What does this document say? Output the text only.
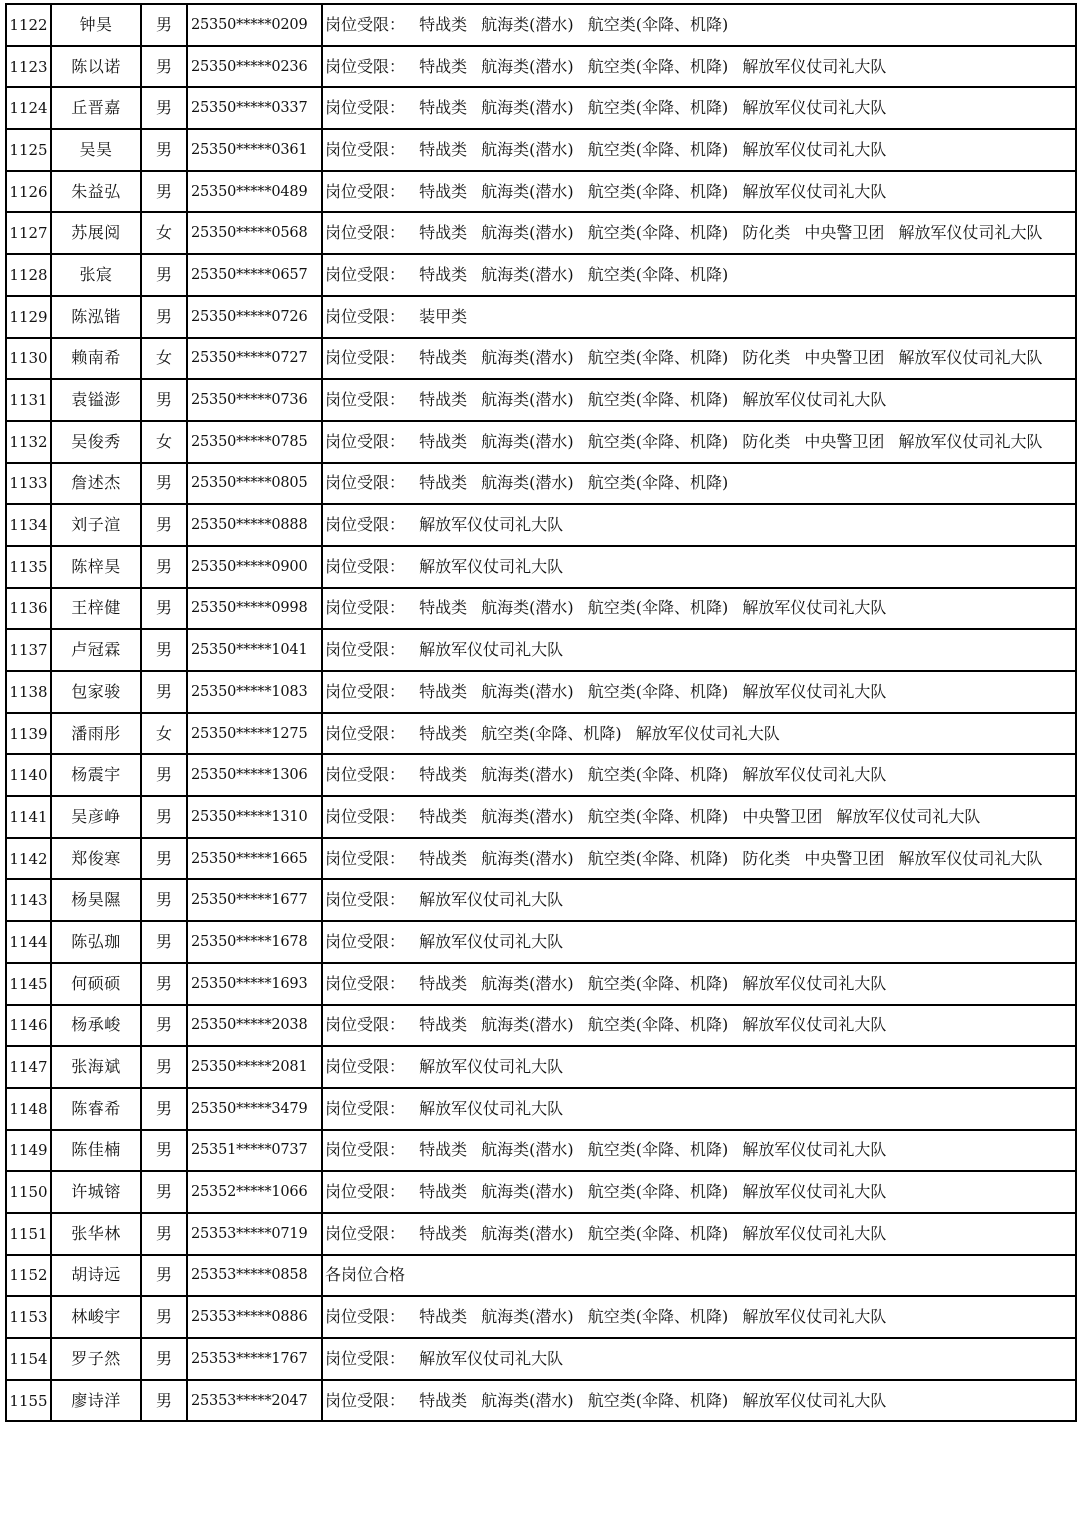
1122	钟昊	男	25350*****0209	岗位受限： 特战类 航海类(潜水) 航空类(伞降、机降)
1123	陈以诺	男	25350*****0236	岗位受限： 特战类 航海类(潜水) 航空类(伞降、机降) 解放军仪仗司礼大队
1124	丘晋嘉	男	25350*****0337	岗位受限： 特战类 航海类(潜水) 航空类(伞降、机降) 解放军仪仗司礼大队
1125	吴昊	男	25350*****0361	岗位受限： 特战类 航海类(潜水) 航空类(伞降、机降) 解放军仪仗司礼大队
1126	朱益弘	男	25350*****0489	岗位受限： 特战类 航海类(潜水) 航空类(伞降、机降) 解放军仪仗司礼大队
1127	苏展阅	女	25350*****0568	岗位受限： 特战类 航海类(潜水) 航空类(伞降、机降) 防化类 中央警卫团 解放军仪仗司礼大队
1128	张宸	男	25350*****0657	岗位受限： 特战类 航海类(潜水) 航空类(伞降、机降)
1129	陈泓锴	男	25350*****0726	岗位受限： 装甲类
1130	赖南希	女	25350*****0727	岗位受限： 特战类 航海类(潜水) 航空类(伞降、机降) 防化类 中央警卫团 解放军仪仗司礼大队
1131	袁镒澎	男	25350*****0736	岗位受限： 特战类 航海类(潜水) 航空类(伞降、机降) 解放军仪仗司礼大队
1132	吴俊秀	女	25350*****0785	岗位受限： 特战类 航海类(潜水) 航空类(伞降、机降) 防化类 中央警卫团 解放军仪仗司礼大队
1133	詹述杰	男	25350*****0805	岗位受限： 特战类 航海类(潜水) 航空类(伞降、机降)
1134	刘子渲	男	25350*****0888	岗位受限： 解放军仪仗司礼大队
1135	陈梓昊	男	25350*****0900	岗位受限： 解放军仪仗司礼大队
1136	王梓健	男	25350*****0998	岗位受限： 特战类 航海类(潜水) 航空类(伞降、机降) 解放军仪仗司礼大队
1137	卢冠霖	男	25350*****1041	岗位受限： 解放军仪仗司礼大队
1138	包家骏	男	25350*****1083	岗位受限： 特战类 航海类(潜水) 航空类(伞降、机降) 解放军仪仗司礼大队
1139	潘雨彤	女	25350*****1275	岗位受限： 特战类 航空类(伞降、机降) 解放军仪仗司礼大队
1140	杨震宇	男	25350*****1306	岗位受限： 特战类 航海类(潜水) 航空类(伞降、机降) 解放军仪仗司礼大队
1141	吴彦峥	男	25350*****1310	岗位受限： 特战类 航海类(潜水) 航空类(伞降、机降) 中央警卫团 解放军仪仗司礼大队
1142	郑俊寒	男	25350*****1665	岗位受限： 特战类 航海类(潜水) 航空类(伞降、机降) 防化类 中央警卫团 解放军仪仗司礼大队
1143	杨昊隰	男	25350*****1677	岗位受限： 解放军仪仗司礼大队
1144	陈弘珈	男	25350*****1678	岗位受限： 解放军仪仗司礼大队
1145	何硕硕	男	25350*****1693	岗位受限： 特战类 航海类(潜水) 航空类(伞降、机降) 解放军仪仗司礼大队
1146	杨承峻	男	25350*****2038	岗位受限： 特战类 航海类(潜水) 航空类(伞降、机降) 解放军仪仗司礼大队
1147	张海斌	男	25350*****2081	岗位受限： 解放军仪仗司礼大队
1148	陈睿希	男	25350*****3479	岗位受限： 解放军仪仗司礼大队
1149	陈佳楠	男	25351*****0737	岗位受限： 特战类 航海类(潜水) 航空类(伞降、机降) 解放军仪仗司礼大队
1150	许城镕	男	25352*****1066	岗位受限： 特战类 航海类(潜水) 航空类(伞降、机降) 解放军仪仗司礼大队
1151	张华林	男	25353*****0719	岗位受限： 特战类 航海类(潜水) 航空类(伞降、机降) 解放军仪仗司礼大队
1152	胡诗远	男	25353*****0858	各岗位合格
1153	林峻宇	男	25353*****0886	岗位受限： 特战类 航海类(潜水) 航空类(伞降、机降) 解放军仪仗司礼大队
1154	罗子然	男	25353*****1767	岗位受限： 解放军仪仗司礼大队
1155	廖诗洋	男	25353*****2047	岗位受限： 特战类 航海类(潜水) 航空类(伞降、机降) 解放军仪仗司礼大队
